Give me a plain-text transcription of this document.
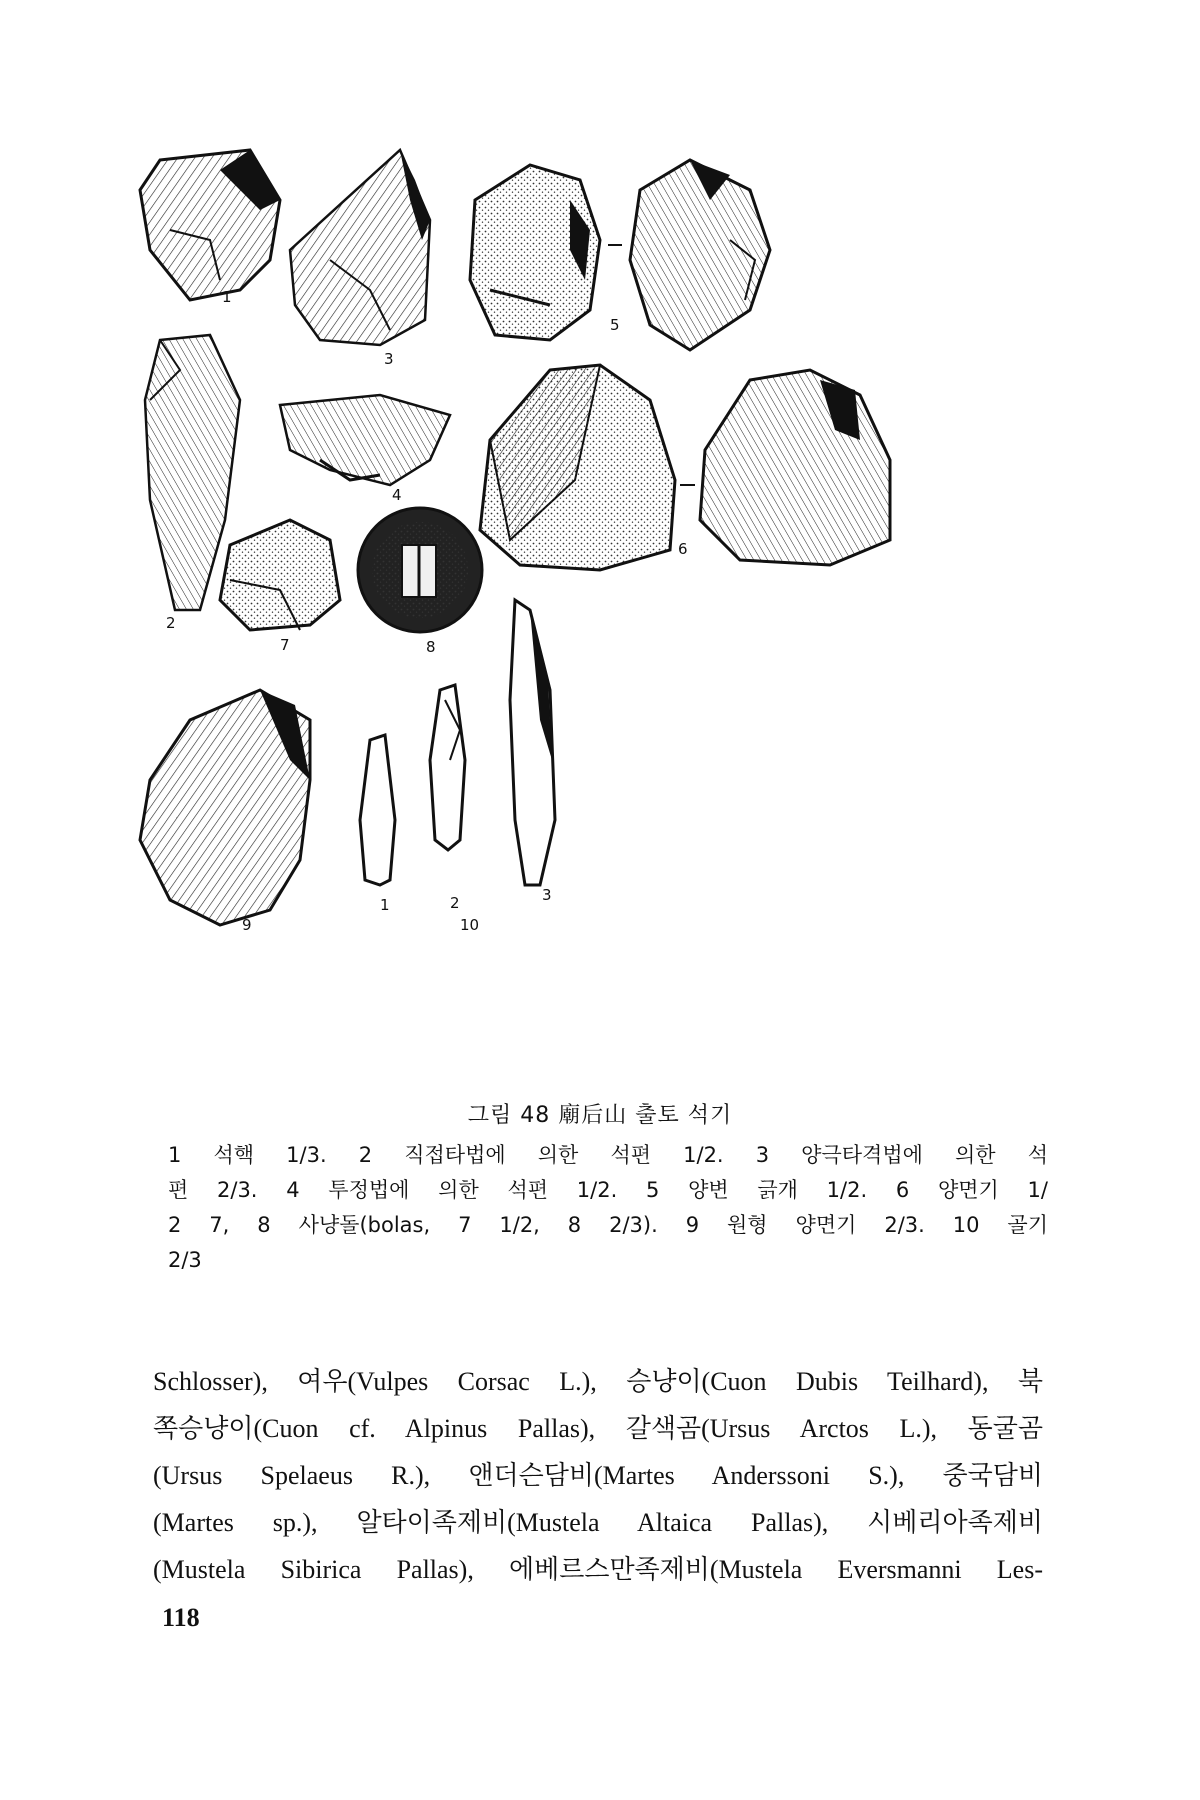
1
2
3
4
5
6
7	8
9
1	2	3
10
그림 48 廟后山 출토 석기
1 석핵 1/3. 2 직접타법에 의한 석편 1/2. 3 양극타격법에 의한 석
편 2/3. 4 투정법에 의한 석편 1/2. 5 양변 긁개 1/2. 6 양면기 1/
2 7, 8 사냥돌(bolas, 7 1/2, 8 2/3). 9 원형 양면기 2/3. 10 골기
2/3
Schlosser), 여우(Vulpes Corsac L.), 승냥이(Cuon Dubis Teilhard), 북
쪽승냥이(Cuon cf. Alpinus Pallas), 갈색곰(Ursus Arctos L.), 동굴곰
(Ursus Spelaeus R.), 앤더슨담비(Martes Anderssoni S.), 중국담비
(Martes sp.), 알타이족제비(Mustela Altaica Pallas), 시베리아족제비
(Mustela Sibirica Pallas), 에베르스만족제비(Mustela Eversmanni Les-
118
